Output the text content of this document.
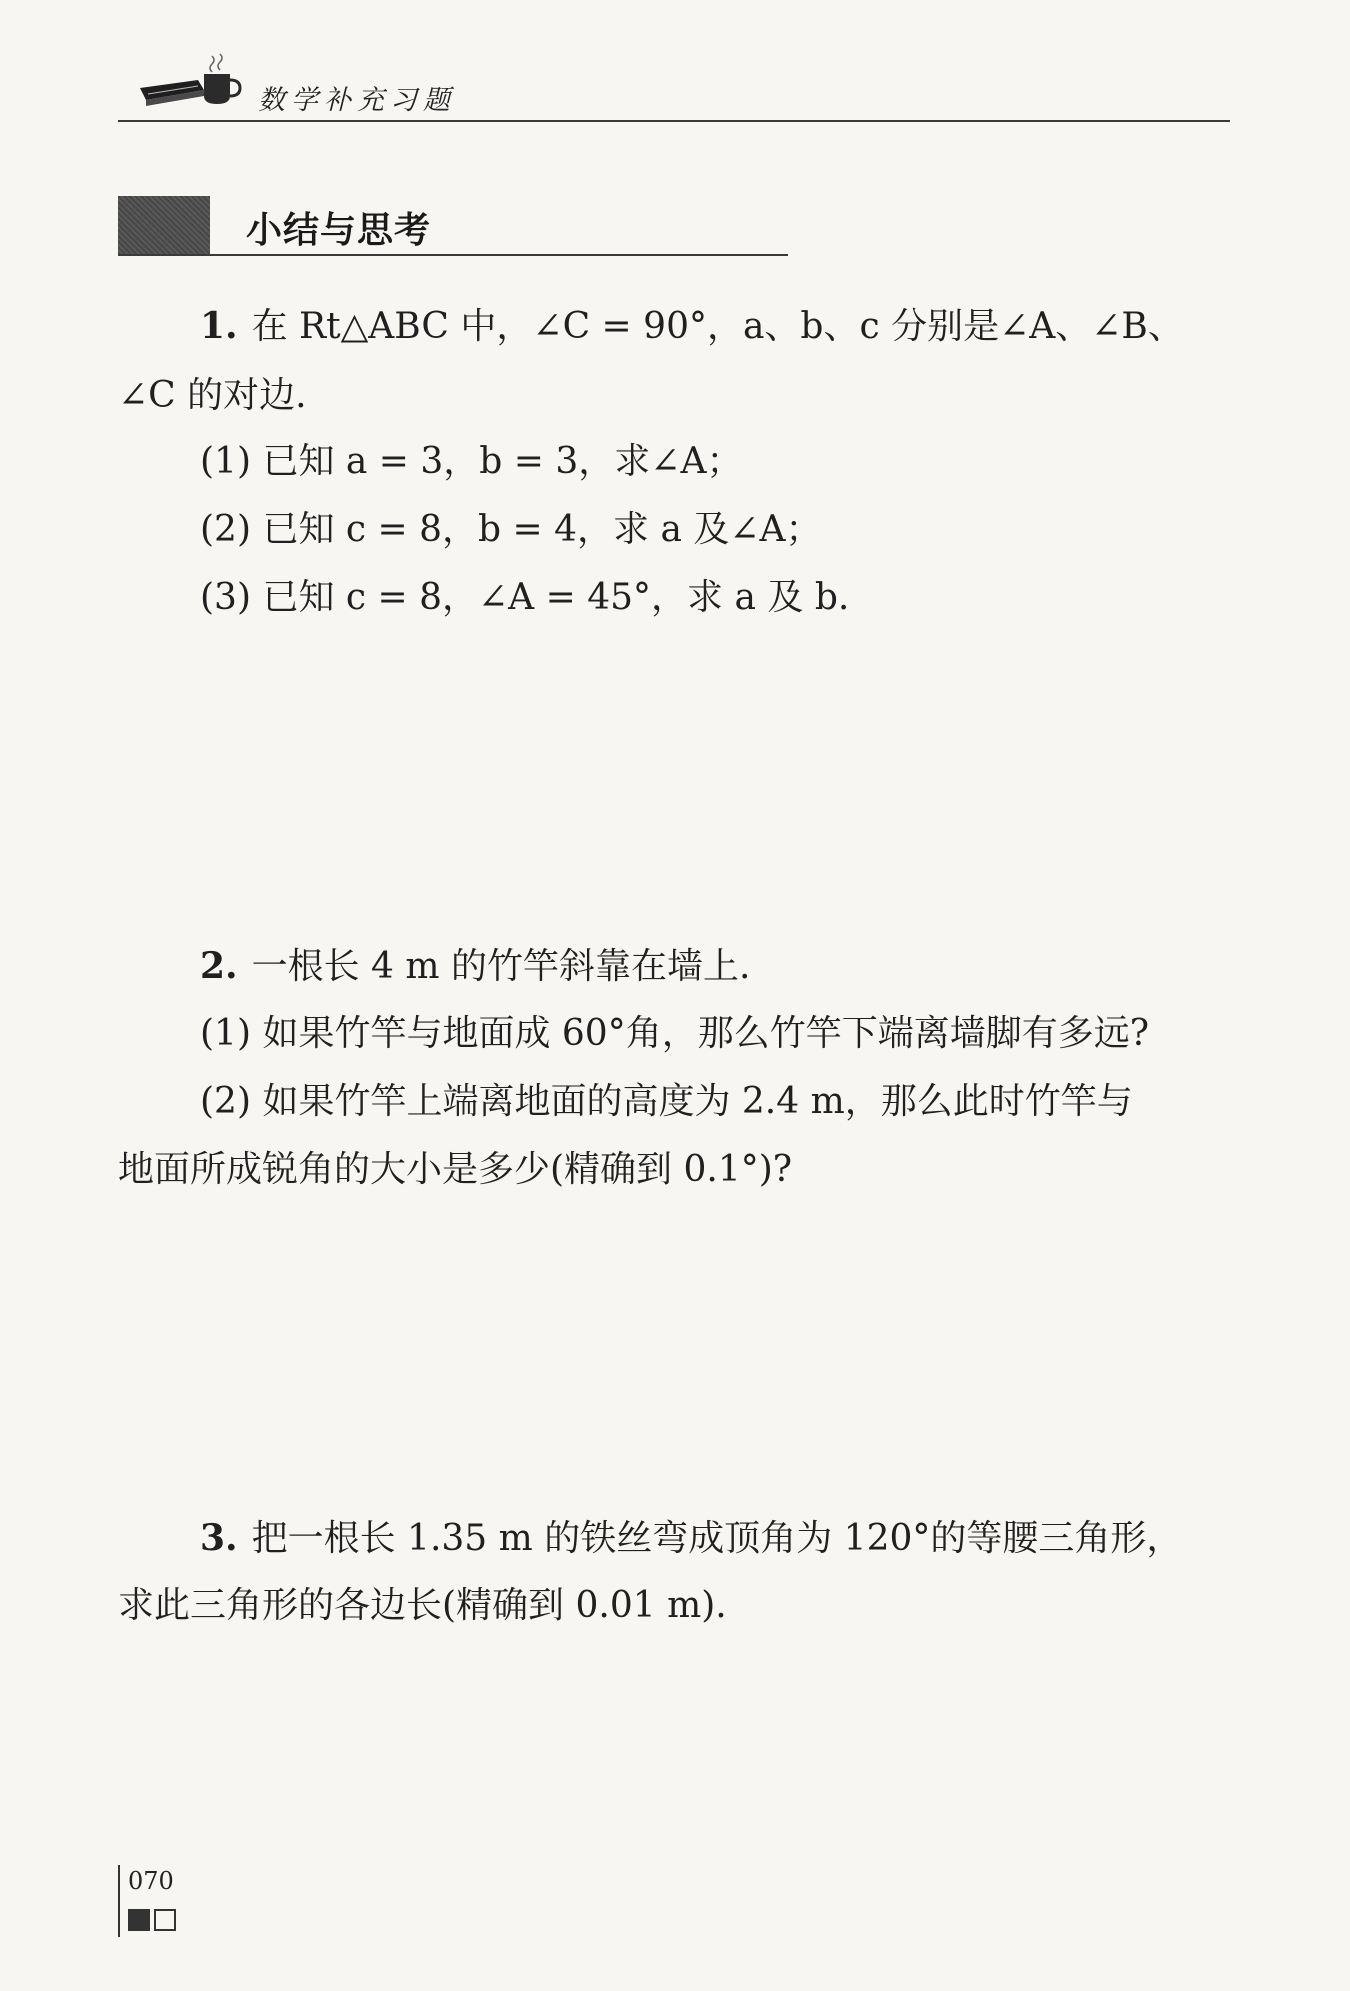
数学补充习题
小结与思考
1. 在 Rt△ABC 中，∠C = 90°，a、b、c 分别是∠A、∠B、
∠C 的对边.
(1) 已知 a = 3，b = 3，求∠A；
(2) 已知 c = 8，b = 4，求 a 及∠A；
(3) 已知 c = 8，∠A = 45°，求 a 及 b.
2. 一根长 4 m 的竹竿斜靠在墙上.
(1) 如果竹竿与地面成 60°角，那么竹竿下端离墙脚有多远?
(2) 如果竹竿上端离地面的高度为 2.4 m，那么此时竹竿与
地面所成锐角的大小是多少(精确到 0.1°)?
3. 把一根长 1.35 m 的铁丝弯成顶角为 120°的等腰三角形，
求此三角形的各边长(精确到 0.01 m).
070
